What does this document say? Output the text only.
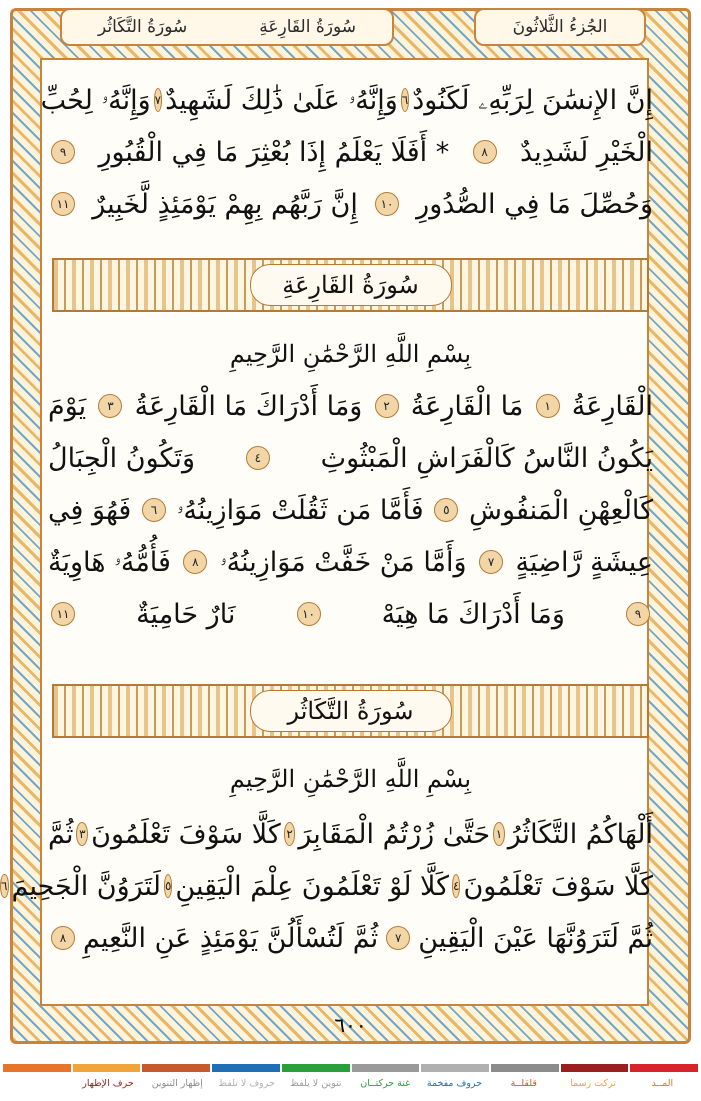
سُورَةُ التَّكَاثُر	سُورَةُ القَارِعَةِ	الجُزءُ الثَّلاثُونَ
إِنَّ الإِنسَٰنَ لِرَبِّهِۦ لَكَنُودٌ
٦
وَإِنَّهُۥ عَلَىٰ ذَٰلِكَ لَشَهِيدٌ
٧
وَإِنَّهُۥ لِحُبِّ
الْخَيْرِ لَشَدِيدٌ
٨
* أَفَلَا يَعْلَمُ إِذَا بُعْثِرَ مَا فِي الْقُبُورِ
٩
وَحُصِّلَ مَا فِي الصُّدُورِ
١٠
إِنَّ رَبَّهُم بِهِمْ يَوْمَئِذٍ لَّخَبِيرٌ
١١
سُورَةُ القَارِعَةِ
بِسْمِ اللَّهِ الرَّحْمَٰنِ الرَّحِيمِ
الْقَارِعَةُ
١
مَا الْقَارِعَةُ
٢
وَمَا أَدْرَاكَ مَا الْقَارِعَةُ
٣
يَوْمَ
يَكُونُ النَّاسُ كَالْفَرَاشِ الْمَبْثُوثِ
٤
وَتَكُونُ الْجِبَالُ
كَالْعِهْنِ الْمَنفُوشِ
٥
فَأَمَّا مَن ثَقُلَتْ مَوَازِينُهُۥ
٦
فَهُوَ فِي
عِيشَةٍ رَّاضِيَةٍ
٧
وَأَمَّا مَنْ خَفَّتْ مَوَازِينُهُۥ
٨
فَأُمُّهُۥ هَاوِيَةٌ
٩
وَمَا أَدْرَاكَ مَا هِيَهْ
١٠
نَارٌ حَامِيَةٌ
١١
سُورَةُ التَّكَاثُر
بِسْمِ اللَّهِ الرَّحْمَٰنِ الرَّحِيمِ
أَلْهَاكُمُ التَّكَاثُرُ
١
حَتَّىٰ زُرْتُمُ الْمَقَابِرَ
٢
كَلَّا سَوْفَ تَعْلَمُونَ
٣
ثُمَّ
كَلَّا سَوْفَ تَعْلَمُونَ
٤
كَلَّا لَوْ تَعْلَمُونَ عِلْمَ الْيَقِينِ
٥
لَتَرَوُنَّ الْجَحِيمَ
٦
ثُمَّ لَتَرَوُنَّهَا عَيْنَ الْيَقِينِ
٧
ثُمَّ لَتُسْأَلُنَّ يَوْمَئِذٍ عَنِ النَّعِيمِ
٨
٦٠٠
المــد
تركت رسما
قلقلــة
حروف مفخمة
غنة حركتــان
تنوين لا يلفظ
حروف لا تلفظ
إظهار التنوين
حرف الإظهار
